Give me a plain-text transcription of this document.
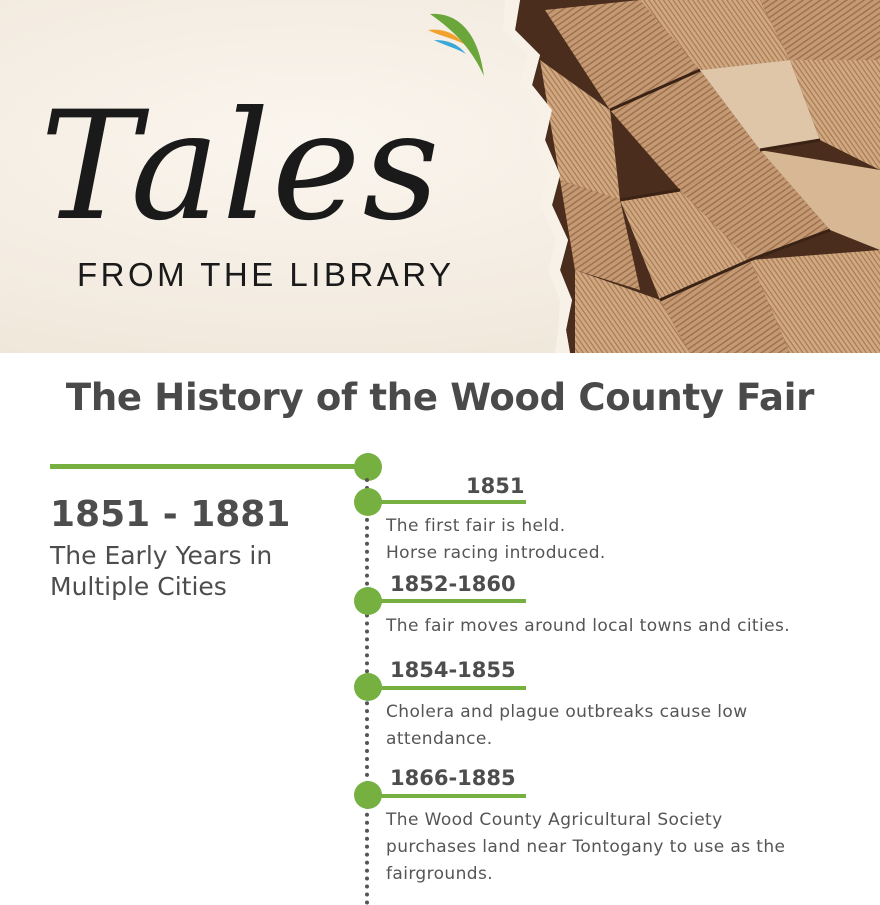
Tales
FROM THE LIBRARY
The History of the Wood County Fair
1851 - 1881
The Early Years in Multiple Cities
1851
The first fair is held.
Horse racing introduced.
1852-1860
The fair moves around local towns and cities.
1854-1855
Cholera and plague outbreaks cause low
attendance.
1866-1885
The Wood County Agricultural Society
purchases land near Tontogany to use as the
fairgrounds.
